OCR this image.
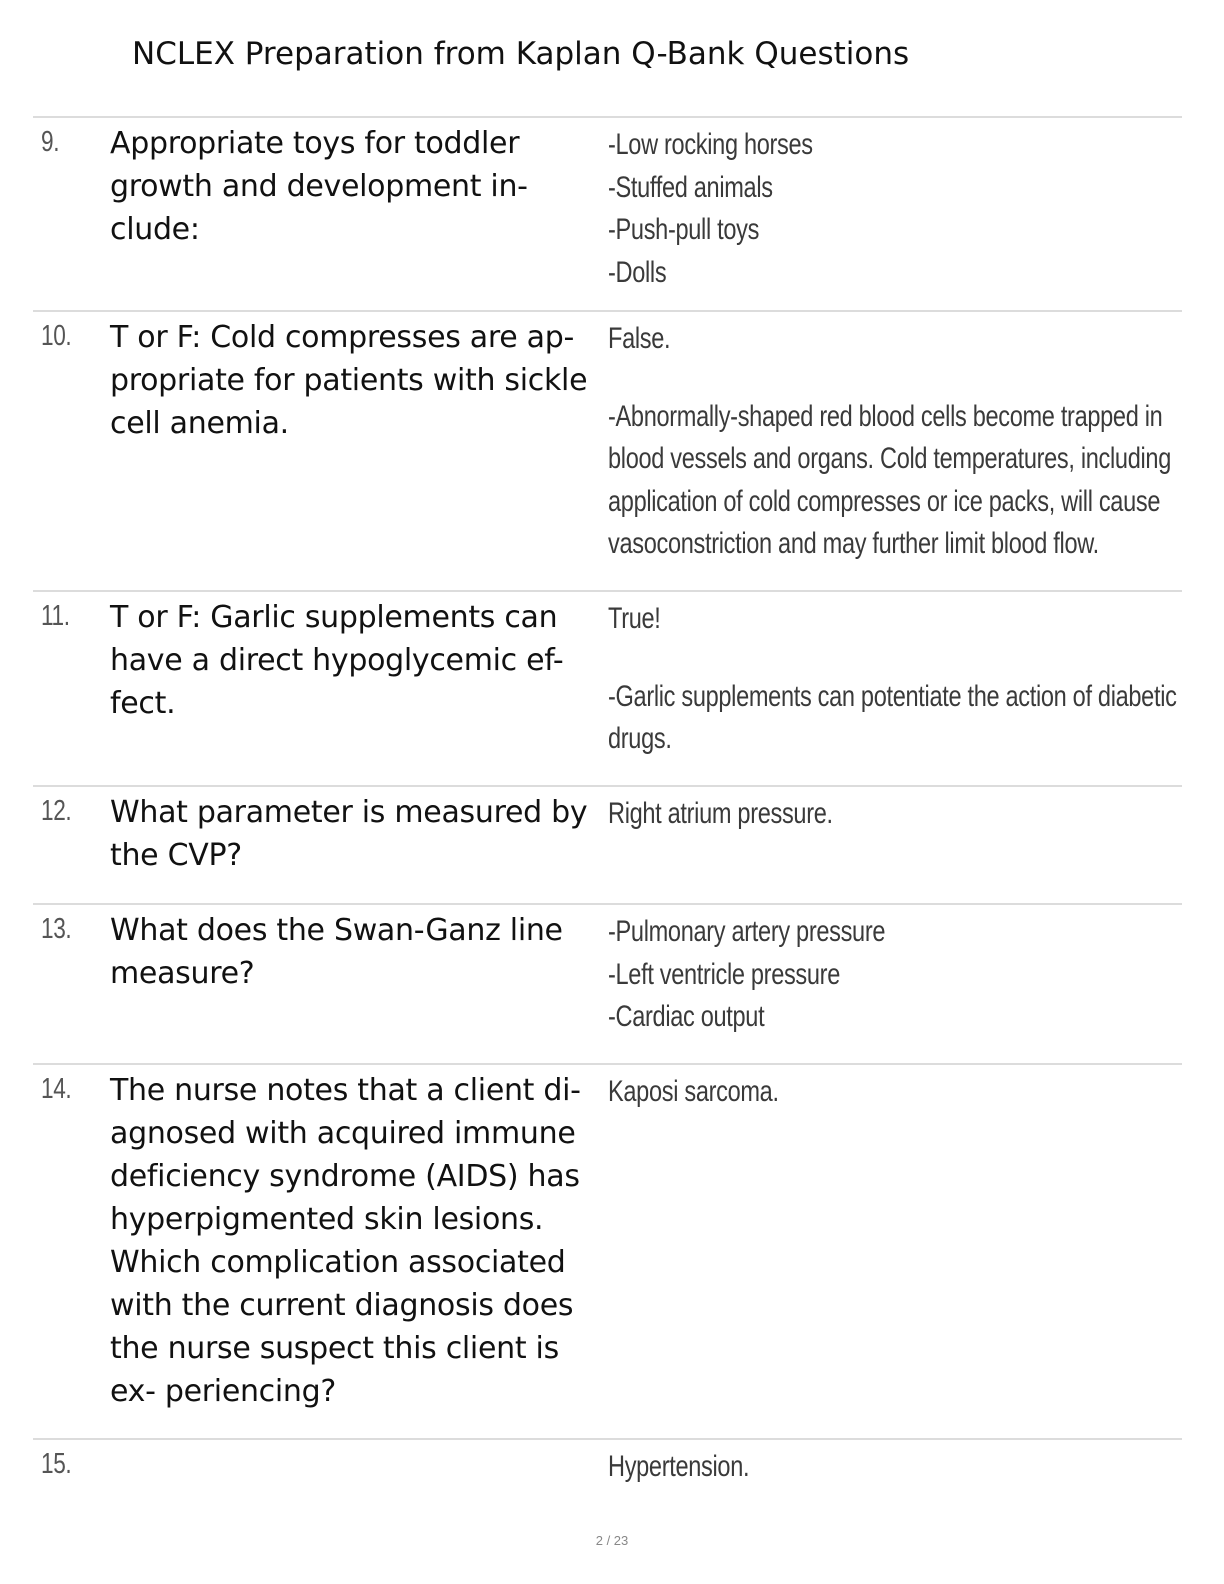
NCLEX Preparation from Kaplan Q-Bank Questions
9. Appropriate toys for toddler growth and development in- clude:
-Low rocking horses
-Stuffed animals
-Push-pull toys
-Dolls
10. T or F: Cold compresses are ap- propriate for patients with sickle cell anemia.
False.
-Abnormally-shaped red blood cells become trapped in
blood vessels and organs. Cold temperatures, including
application of cold compresses or ice packs, will cause
vasoconstriction and may further limit blood flow.
11. T or F: Garlic supplements can have a direct hypoglycemic ef- fect.
True!
-Garlic supplements can potentiate the action of diabetic
drugs.
12. What parameter is measured by the CVP?
Right atrium pressure.
13. What does the Swan-Ganz line measure?
-Pulmonary artery pressure
-Left ventricle pressure
-Cardiac output
14. The nurse notes that a client di- agnosed with acquired immune deficiency syndrome (AIDS) has hyperpigmented skin lesions. Which complication associated with the current diagnosis does the nurse suspect this client is ex- periencing?
Kaposi sarcoma.
15.	Hypertension.
2 / 23
